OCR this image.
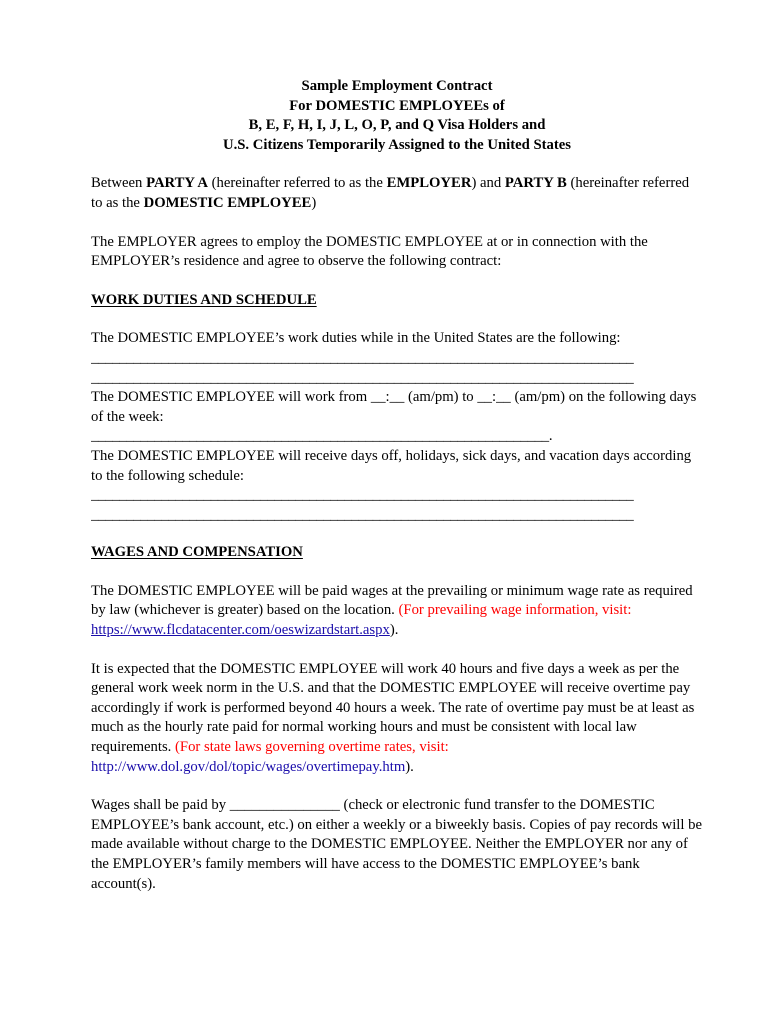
Sample Employment Contract
For DOMESTIC EMPLOYEEs of
B, E, F, H, I, J, L, O, P, and Q Visa Holders and
U.S. Citizens Temporarily Assigned to the United States

Between PARTY A (hereinafter referred to as the EMPLOYER) and PARTY B (hereinafter referred to as the DOMESTIC EMPLOYEE)

The EMPLOYER agrees to employ the DOMESTIC EMPLOYEE at or in connection with the EMPLOYER’s residence and agree to observe the following contract:

WORK DUTIES AND SCHEDULE

The DOMESTIC EMPLOYEE’s work duties while in the United States are the following:

_____________________________________________________________________________
_____________________________________________________________________________

The DOMESTIC EMPLOYEE will work from __:__ (am/pm) to __:__ (am/pm) on the following days of the week:

_________________________________________________________________.

The DOMESTIC EMPLOYEE will receive days off, holidays, sick days, and vacation days according to the following schedule:

_____________________________________________________________________________
_____________________________________________________________________________

WAGES AND COMPENSATION

The DOMESTIC EMPLOYEE will be paid wages at the prevailing or minimum wage rate as required by law (whichever is greater) based on the location. (For prevailing wage information, visit: https://www.flcdatacenter.com/oeswizardstart.aspx).

It is expected that the DOMESTIC EMPLOYEE will work 40 hours and five days a week as per the general work week norm in the U.S. and that the DOMESTIC EMPLOYEE will receive overtime pay accordingly if work is performed beyond 40 hours a week. The rate of overtime pay must be at least as much as the hourly rate paid for normal working hours and must be consistent with local law requirements. (For state laws governing overtime rates, visit: http://www.dol.gov/dol/topic/wages/overtimepay.htm).

Wages shall be paid by _______________ (check or electronic fund transfer to the DOMESTIC EMPLOYEE’s bank account, etc.) on either a weekly or a biweekly basis. Copies of pay records will be made available without charge to the DOMESTIC EMPLOYEE. Neither the EMPLOYER nor any of the EMPLOYER’s family members will have access to the DOMESTIC EMPLOYEE’s bank account(s).
